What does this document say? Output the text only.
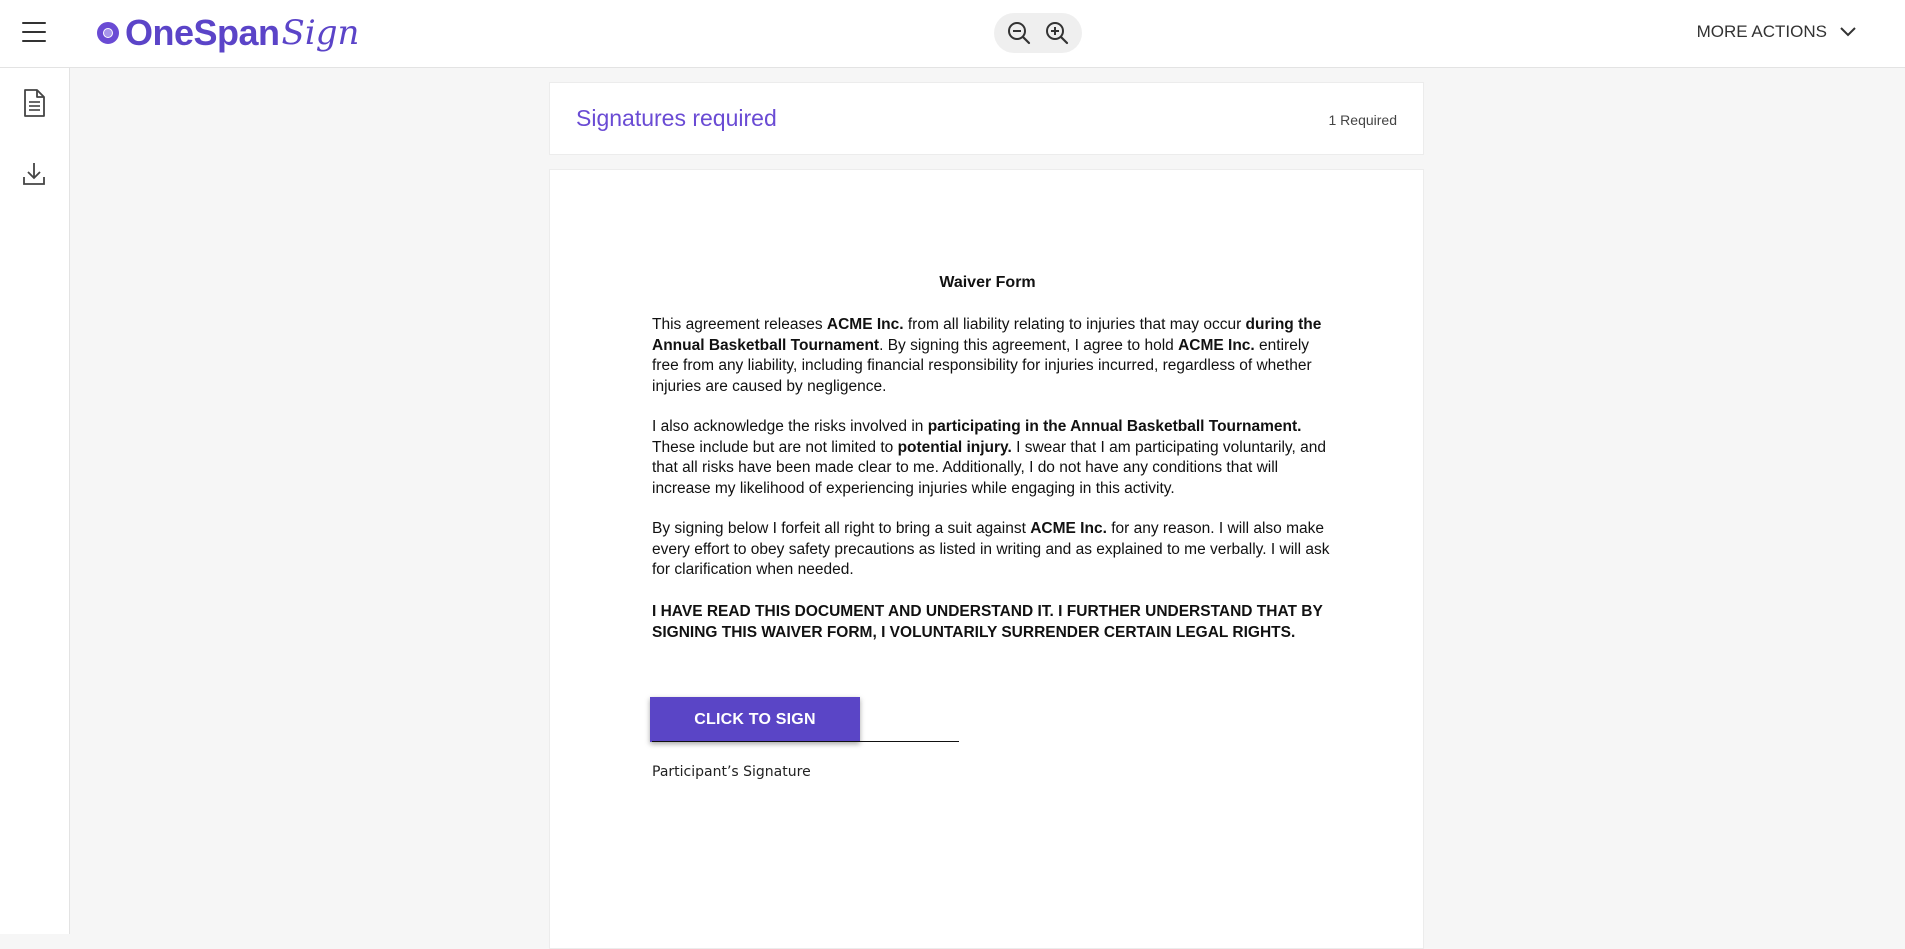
OneSpan Sign	MORE ACTIONS
Signatures required	1 Required
Waiver Form

This agreement releases ACME Inc. from all liability relating to injuries that may occur during the Annual Basketball Tournament. By signing this agreement, I agree to hold ACME Inc. entirely free from any liability, including financial responsibility for injuries incurred, regardless of whether injuries are caused by negligence.

I also acknowledge the risks involved in participating in the Annual Basketball Tournament. These include but are not limited to potential injury. I swear that I am participating voluntarily, and that all risks have been made clear to me. Additionally, I do not have any conditions that will increase my likelihood of experiencing injuries while engaging in this activity.

By signing below I forfeit all right to bring a suit against ACME Inc. for any reason. I will also make every effort to obey safety precautions as listed in writing and as explained to me verbally. I will ask for clarification when needed.

I HAVE READ THIS DOCUMENT AND UNDERSTAND IT. I FURTHER UNDERSTAND THAT BY SIGNING THIS WAIVER FORM, I VOLUNTARILY SURRENDER CERTAIN LEGAL RIGHTS.

CLICK TO SIGN
Participant’s Signature
